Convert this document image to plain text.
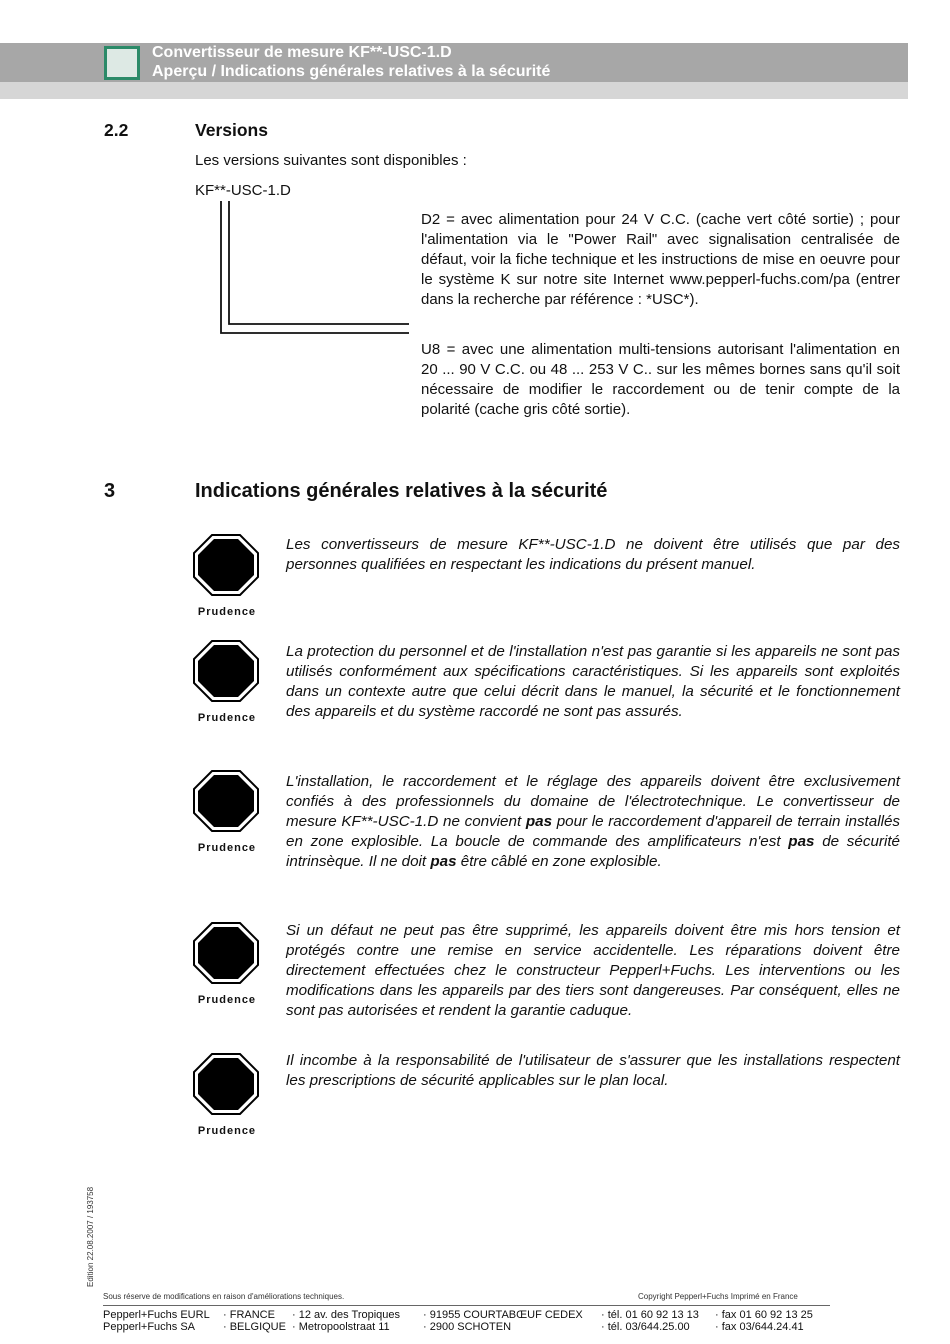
Convertisseur de mesure KF**-USC-1.D
Aperçu / Indications générales relatives à la sécurité
2.2	Versions
Les versions suivantes sont disponibles :
KF**-USC-1.D
D2 = avec alimentation pour 24 V C.C. (cache vert côté sortie) ; pour l'alimentation via le "Power Rail" avec signalisation centralisée de défaut, voir la fiche technique et les instructions de mise en oeuvre pour le système K sur notre site Internet www.pepperl-fuchs.com/pa (entrer dans la recherche par référence : *USC*).
U8 = avec une alimentation multi-tensions autorisant l'alimentation en 20 ... 90 V C.C. ou 48 ... 253 V C.. sur les mêmes bornes sans qu'il soit nécessaire de modifier le raccordement ou de tenir compte de la polarité (cache gris côté sortie).
3	Indications générales relatives à la sécurité
Prudence
Les convertisseurs de mesure KF**-USC-1.D ne doivent être utilisés que par des personnes qualifiées en respectant les indications du présent manuel.
Prudence
La protection du personnel et de l'installation n'est pas garantie si les appareils ne sont pas utilisés conformément aux spécifications caractéristiques. Si les appareils sont exploités dans un contexte autre que celui décrit dans le manuel, la sécurité et le fonctionnement des appareils et du système raccordé ne sont pas assurés.
Prudence
L'installation, le raccordement et le réglage des appareils doivent être exclusivement confiés à des professionnels du domaine de l'électrotechnique. Le convertisseur de mesure KF**-USC-1.D ne convient pas pour le raccordement d'appareil de terrain installés en zone explosible. La boucle de commande des amplificateurs n'est pas de sécurité intrinsèque. Il ne doit pas être câblé en zone explosible.
Prudence
Si un défaut ne peut pas être supprimé, les appareils doivent être mis hors tension et protégés contre une remise en service accidentelle. Les réparations doivent être directement effectuées chez le constructeur Pepperl+Fuchs. Les interventions ou les modifications dans les appareils par des tiers sont dangereuses. Par conséquent, elles ne sont pas autorisées et rendent la garantie caduque.
Prudence
Il incombe à la responsabilité de l'utilisateur de s'assurer que les installations respectent les prescriptions de sécurité applicables sur le plan local.
Edition 22.08.2007 / 193758
Sous réserve de modifications en raison d'améliorations techniques.	Copyright Pepperl+Fuchs Imprimé en France
Pepperl+Fuchs EURL · FRANCE · 12 av. des Tropiques · 91955 COURTABŒUF CEDEX · tél. 01 60 92 13 13 · fax 01 60 92 13 25
Pepperl+Fuchs SA	· BELGIQUE · Metropoolstraat 11	· 2900 SCHOTEN	· tél. 03/644.25.00 · fax 03/644.24.41
